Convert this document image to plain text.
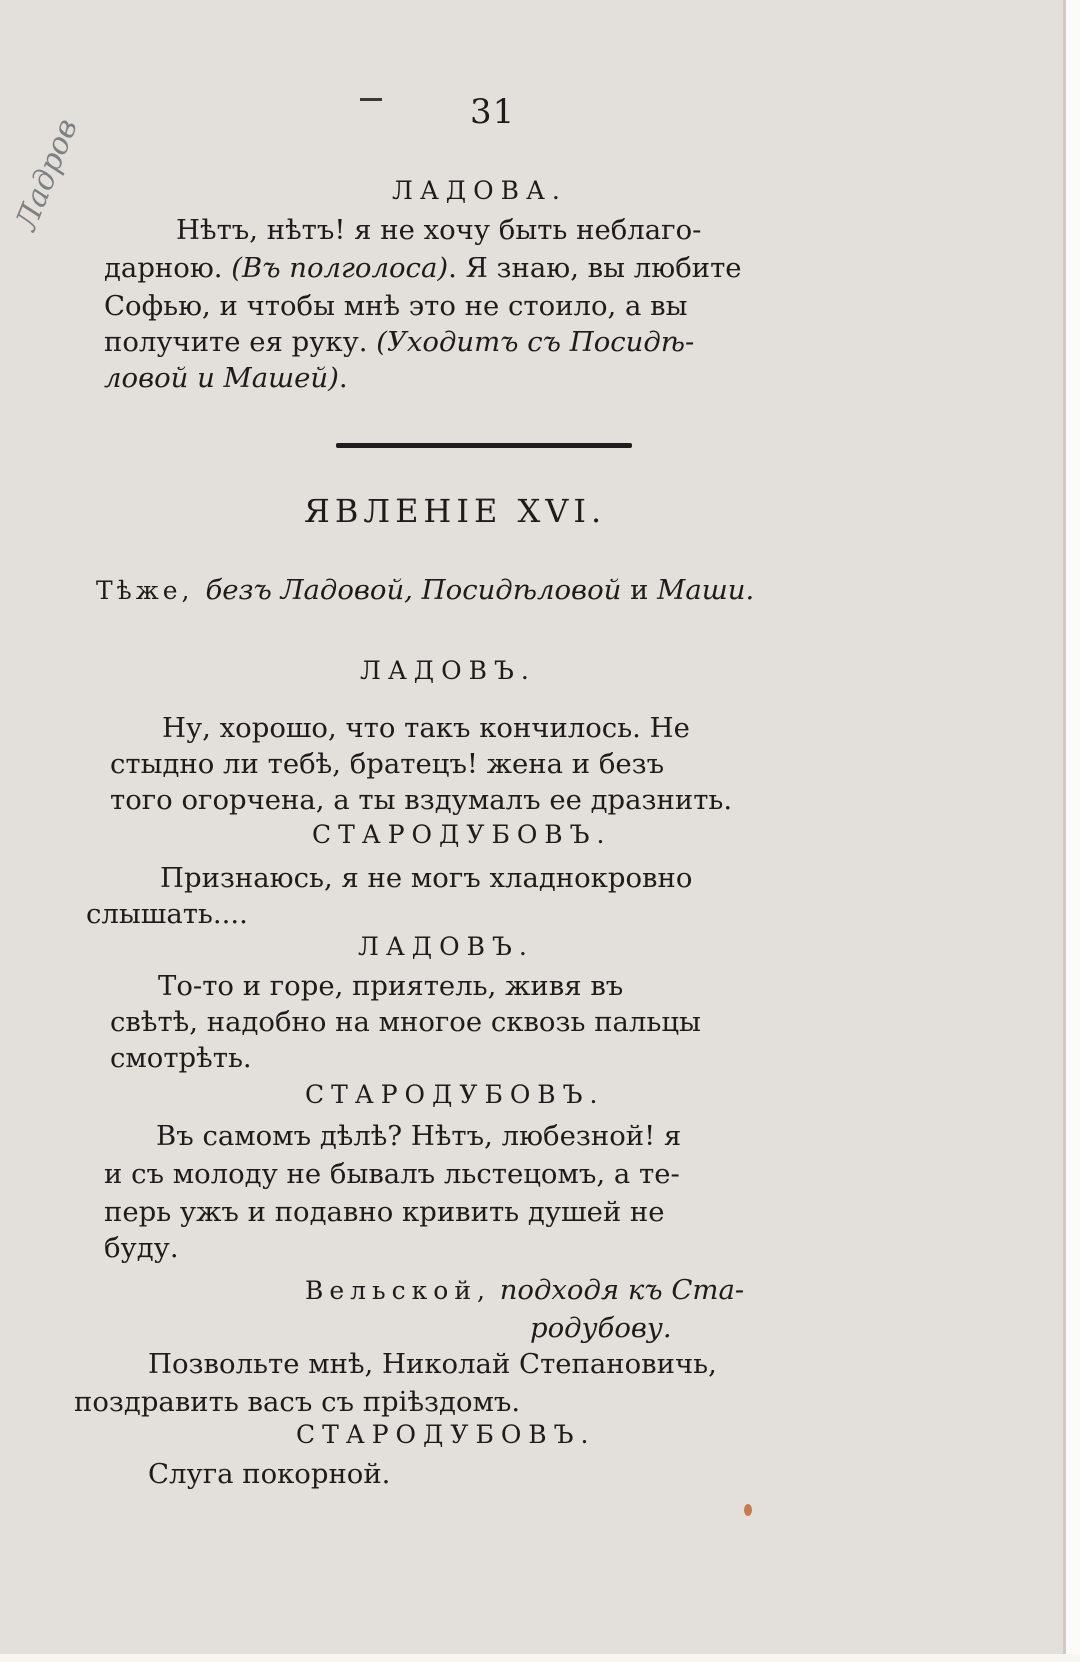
31
Ладров	ЛАДОВА.
Нѣтъ, нѣтъ! я не хочу быть неблаго-
дарною. (Въ полголоса). Я знаю, вы любите
Софью, и чтобы мнѣ это не стоило, а вы
получите ея руку. (Уходитъ съ Посидѣ-
ловой и Машей).
ЯВЛЕНІЕ XVI.
Тѣже, безъ Ладовой, Посидѣловой и Маши.
ЛАДОВЪ.
Ну, хорошо, что такъ кончилось. Не
стыдно ли тебѣ, братецъ! жена и безъ
того огорчена, а ты вздумалъ ее дразнить.
СТАРОДУБОВЪ.
Признаюсь, я не могъ хладнокровно
слышать....
ЛАДОВЪ.
То-то и горе, приятель, живя въ
свѣтѣ, надобно на многое сквозь пальцы
смотрѣть.
СТАРОДУБОВЪ.
Въ самомъ дѣлѣ? Нѣтъ, любезной! я
и съ молоду не бывалъ льстецомъ, а те-
перь ужъ и подавно кривить душей не
буду.
Вельской, подходя къ Ста-
родубову.
Позвольте мнѣ, Николай Степановичь,
поздравить васъ съ пріѣздомъ.
СТАРОДУБОВЪ.
Слуга покорной.
